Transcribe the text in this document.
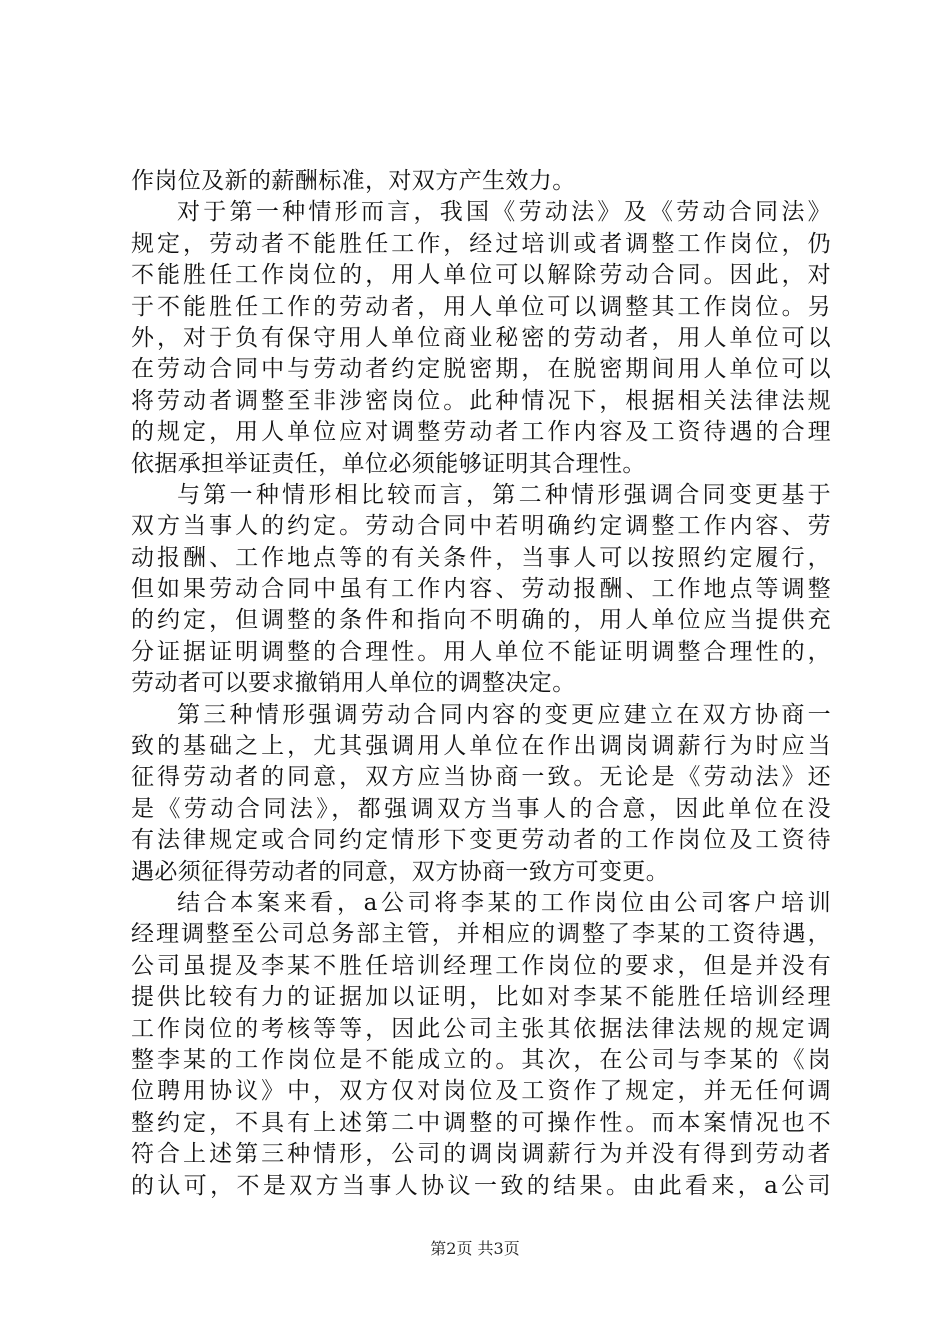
作岗位及新的薪酬标准，对双方产生效力。
对于第一种情形而言，我国《劳动法》及《劳动合同法》
规定，劳动者不能胜任工作，经过培训或者调整工作岗位，仍
不能胜任工作岗位的，用人单位可以解除劳动合同。因此，对
于不能胜任工作的劳动者，用人单位可以调整其工作岗位。另
外，对于负有保守用人单位商业秘密的劳动者，用人单位可以
在劳动合同中与劳动者约定脱密期，在脱密期间用人单位可以
将劳动者调整至非涉密岗位。此种情况下，根据相关法律法规
的规定，用人单位应对调整劳动者工作内容及工资待遇的合理
依据承担举证责任，单位必须能够证明其合理性。
与第一种情形相比较而言，第二种情形强调合同变更基于
双方当事人的约定。劳动合同中若明确约定调整工作内容、劳
动报酬、工作地点等的有关条件，当事人可以按照约定履行，
但如果劳动合同中虽有工作内容、劳动报酬、工作地点等调整
的约定，但调整的条件和指向不明确的，用人单位应当提供充
分证据证明调整的合理性。用人单位不能证明调整合理性的，
劳动者可以要求撤销用人单位的调整决定。
第三种情形强调劳动合同内容的变更应建立在双方协商一
致的基础之上，尤其强调用人单位在作出调岗调薪行为时应当
征得劳动者的同意，双方应当协商一致。无论是《劳动法》还
是《劳动合同法》，都强调双方当事人的合意，因此单位在没
有法律规定或合同约定情形下变更劳动者的工作岗位及工资待
遇必须征得劳动者的同意，双方协商一致方可变更。
结合本案来看，a公司将李某的工作岗位由公司客户培训
经理调整至公司总务部主管，并相应的调整了李某的工资待遇，
公司虽提及李某不胜任培训经理工作岗位的要求，但是并没有
提供比较有力的证据加以证明，比如对李某不能胜任培训经理
工作岗位的考核等等，因此公司主张其依据法律法规的规定调
整李某的工作岗位是不能成立的。其次，在公司与李某的《岗
位聘用协议》中，双方仅对岗位及工资作了规定，并无任何调
整约定，不具有上述第二中调整的可操作性。而本案情况也不
符合上述第三种情形，公司的调岗调薪行为并没有得到劳动者
的认可，不是双方当事人协议一致的结果。由此看来，a公司
第2页 共3页
